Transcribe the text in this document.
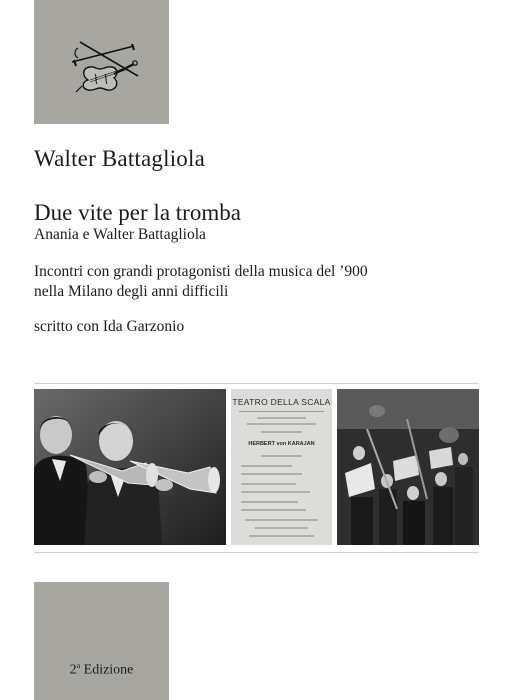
Walter Battagliola
Due vite per la tromba
Anania e Walter Battagliola
Incontri con grandi protagonisti della musica del ’900
nella Milano degli anni difficili
scritto con Ida Garzonio
TEATRO DELLA SCALA
HERBERT von KARAJAN
2$^a$ Edizione
